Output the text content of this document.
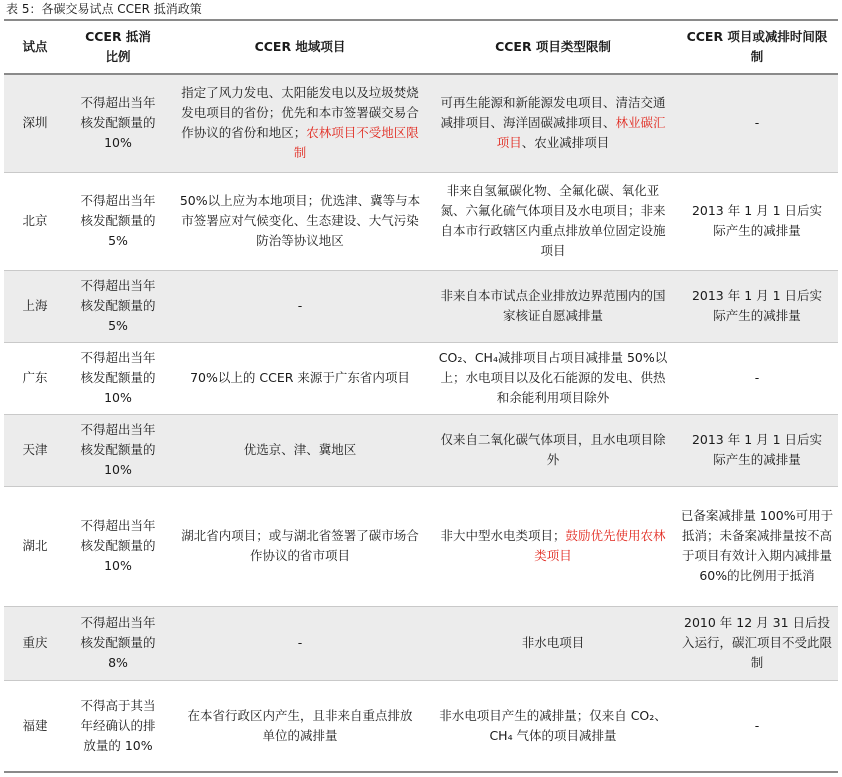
表 5：各碳交易试点 CCER 抵消政策
试点	CCER 抵消比例	CCER 地域项目	CCER 项目类型限制	CCER 项目或减排时间限制
深圳	不得超出当年核发配额量的 10%	指定了风力发电、太阳能发电以及垃圾焚烧发电项目的省份；优先和本市签署碳交易合作协议的省份和地区；农林项目不受地区限制	可再生能源和新能源发电项目、清洁交通减排项目、海洋固碳减排项目、林业碳汇项目、农业减排项目	-
北京	不得超出当年核发配额量的 5%	50%以上应为本地项目；优选津、冀等与本市签署应对气候变化、生态建设、大气污染防治等协议地区	非来自氢氟碳化物、全氟化碳、氧化亚氮、六氟化硫气体项目及水电项目；非来自本市行政辖区内重点排放单位固定设施项目	2013 年 1 月 1 日后实际产生的减排量
上海	不得超出当年核发配额量的 5%	-	非来自本市试点企业排放边界范围内的国家核证自愿减排量	2013 年 1 月 1 日后实际产生的减排量
广东	不得超出当年核发配额量的 10%	70%以上的 CCER 来源于广东省内项目	CO₂、CH₄减排项目占项目减排量 50%以上；水电项目以及化石能源的发电、供热和余能利用项目除外	-
天津	不得超出当年核发配额量的 10%	优选京、津、冀地区	仅来自二氧化碳气体项目，且水电项目除外	2013 年 1 月 1 日后实际产生的减排量
湖北	不得超出当年核发配额量的 10%	湖北省内项目；或与湖北省签署了碳市场合作协议的省市项目	非大中型水电类项目；鼓励优先使用农林类项目	已备案减排量 100%可用于抵消；未备案减排量按不高于项目有效计入期内减排量 60%的比例用于抵消
重庆	不得超出当年核发配额量的 8%	-	非水电项目	2010 年 12 月 31 日后投入运行，碳汇项目不受此限制
福建	不得高于其当年经确认的排放量的 10%	在本省行政区内产生，且非来自重点排放单位的减排量	非水电项目产生的减排量；仅来自 CO₂、CH₄ 气体的项目减排量	-
